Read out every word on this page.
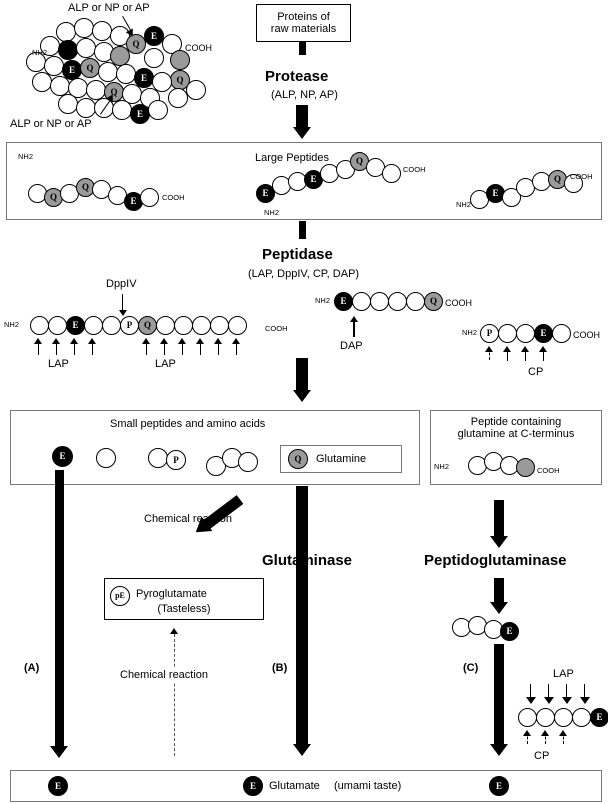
Q
E
E	Q
E	Q
Q
E
NH2	COOH
ALP or NP or AP
ALP or NP or AP
Proteins of
raw materials
Protease
(ALP, NP, AP)
Large Peptides
Q
Q
E
NH2
COOH	E
E
Q
NH2
COOH
E
Q
NH2
COOH
Peptidase
(LAP, DppIV, CP, DAP)
E	P	Q
NH2	COOH
DppIV
LAP	LAP
E	Q
NH2	COOH
DAP
P	E
NH2	COOH
CP
Small peptides and amino acids
E	P	Q	Glutamine
Peptide containing
glutamine at C-terminus
NH2	COOH
Glutaminase
(B)
(A)
Peptidoglutaminase
E
LAP
E
CP
(C)
Chemical reaction
pE	Pyroglutamate
(Tasteless)
Chemical reaction
E	E	E
Glutamate (umami taste)
